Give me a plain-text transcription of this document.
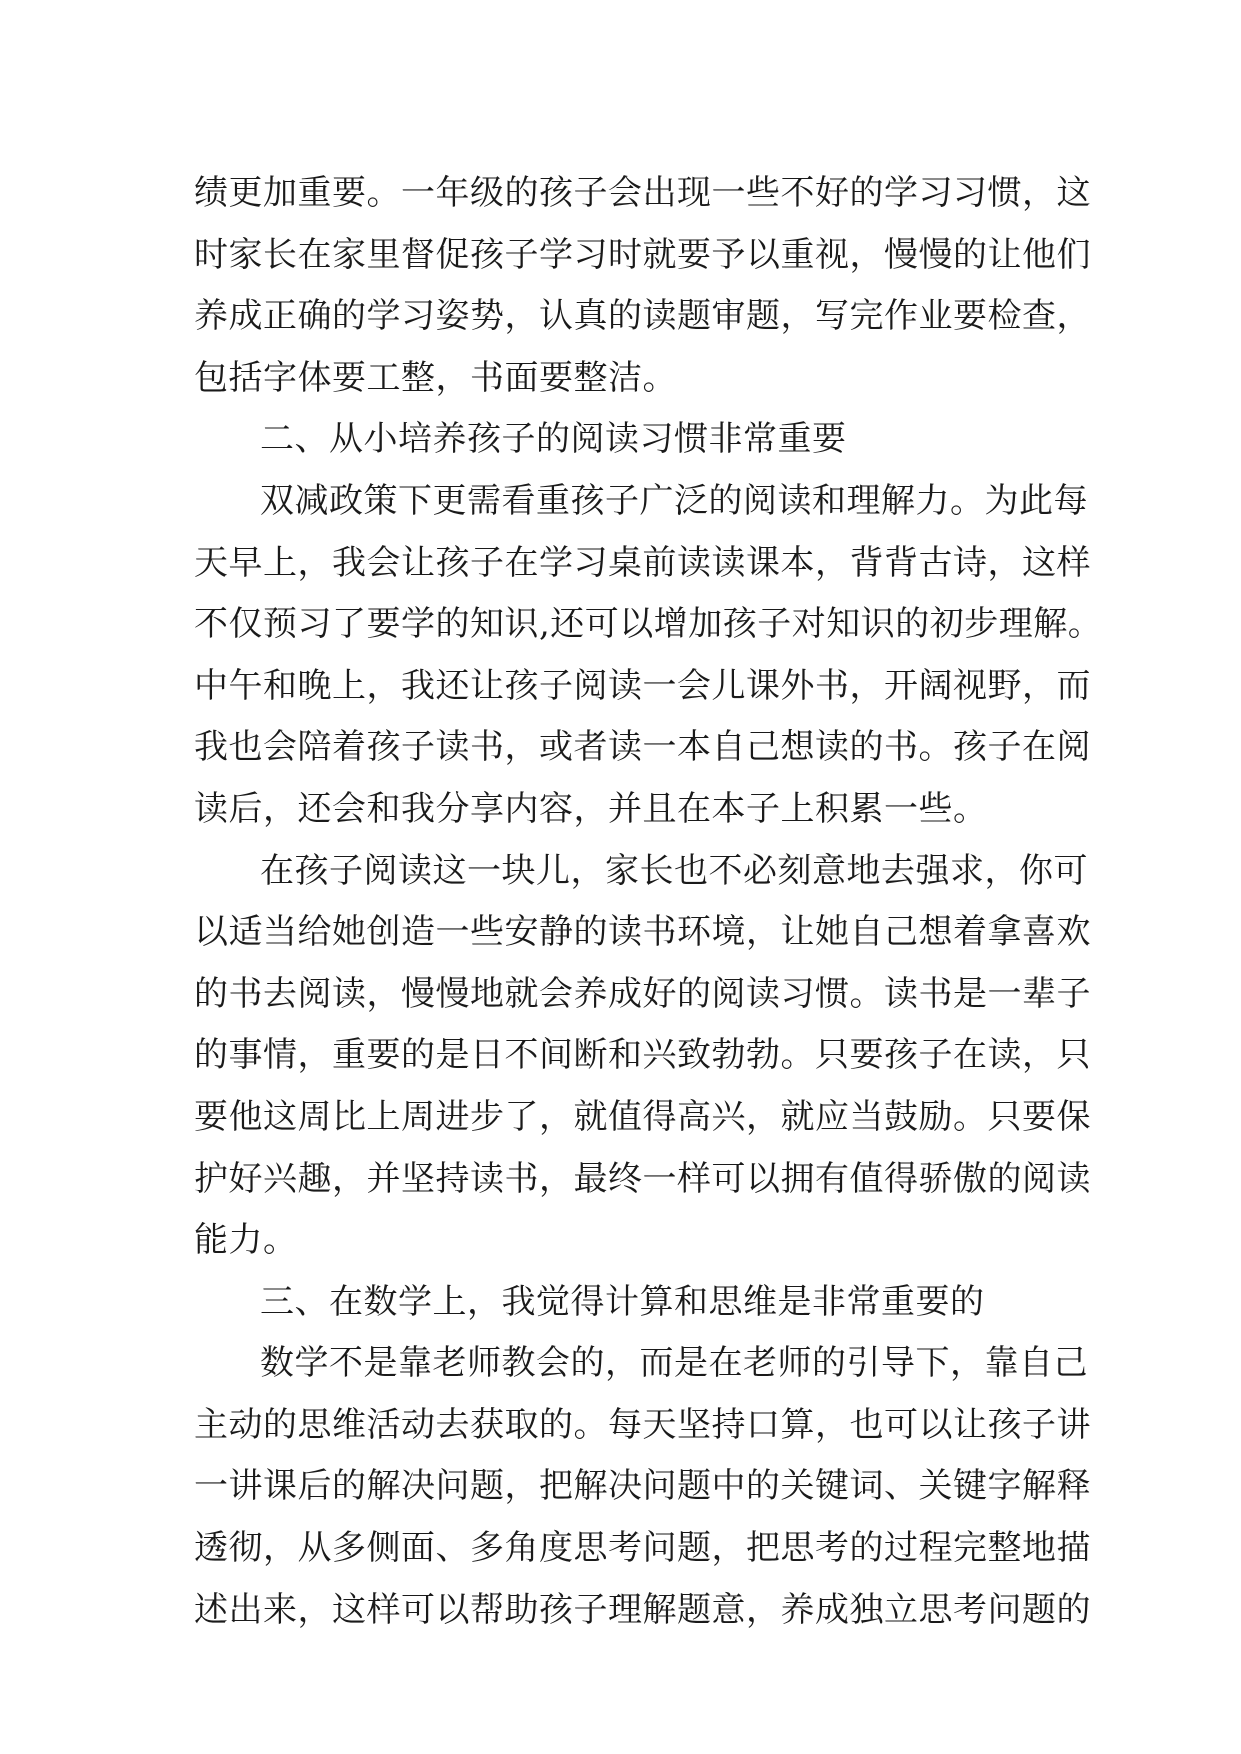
绩更加重要。一年级的孩子会出现一些不好的学习习惯，这
时家长在家里督促孩子学习时就要予以重视，慢慢的让他们
养成正确的学习姿势，认真的读题审题，写完作业要检查，
包括字体要工整，书面要整洁。
二、从小培养孩子的阅读习惯非常重要
双减政策下更需看重孩子广泛的阅读和理解力。为此每
天早上，我会让孩子在学习桌前读读课本，背背古诗，这样
不仅预习了要学的知识,还可以增加孩子对知识的初步理解。
中午和晚上，我还让孩子阅读一会儿课外书，开阔视野，而
我也会陪着孩子读书，或者读一本自己想读的书。孩子在阅
读后，还会和我分享内容，并且在本子上积累一些。
在孩子阅读这一块儿，家长也不必刻意地去强求，你可
以适当给她创造一些安静的读书环境，让她自己想着拿喜欢
的书去阅读，慢慢地就会养成好的阅读习惯。读书是一辈子
的事情，重要的是日不间断和兴致勃勃。只要孩子在读，只
要他这周比上周进步了，就值得高兴，就应当鼓励。只要保
护好兴趣，并坚持读书，最终一样可以拥有值得骄傲的阅读
能力。
三、在数学上，我觉得计算和思维是非常重要的
数学不是靠老师教会的，而是在老师的引导下，靠自己
主动的思维活动去获取的。每天坚持口算，也可以让孩子讲
一讲课后的解决问题，把解决问题中的关键词、关键字解释
透彻，从多侧面、多角度思考问题，把思考的过程完整地描
述出来，这样可以帮助孩子理解题意，养成独立思考问题的
